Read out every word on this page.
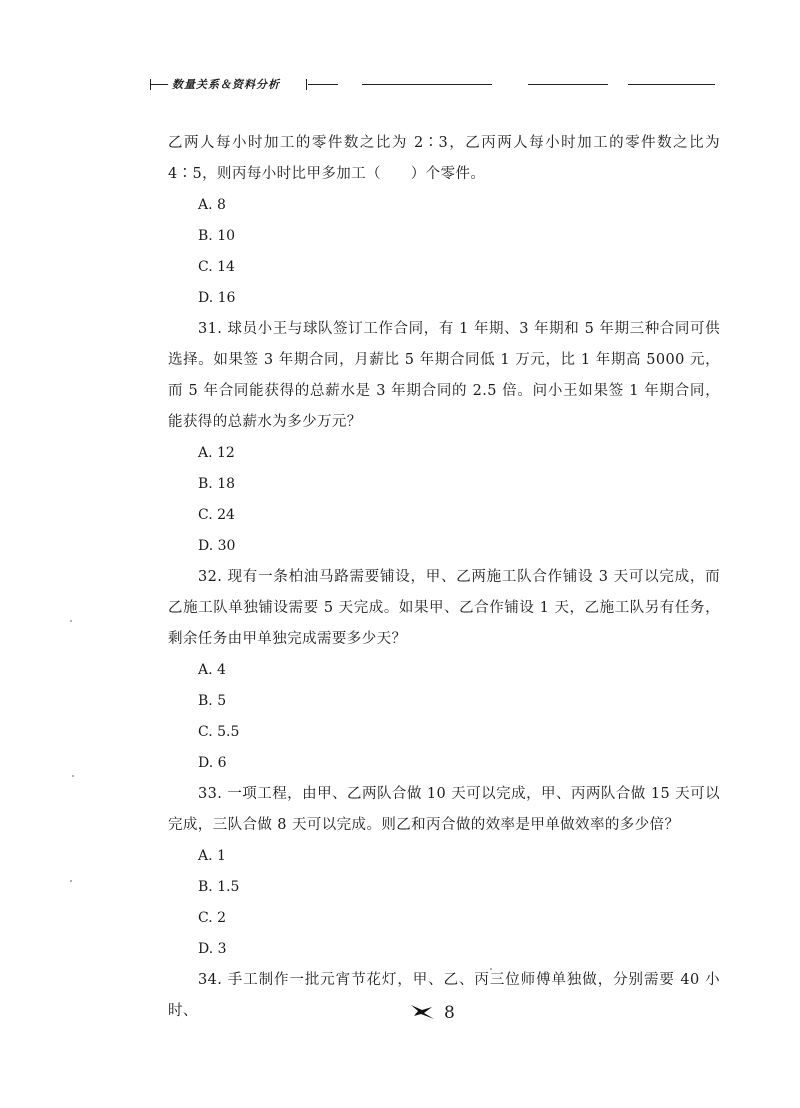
数量关系＆资料分析

乙两人每小时加工的零件数之比为 2∶3，乙丙两人每小时加工的零件数之比为 4∶5，则丙每小时比甲多加工（　　）个零件。

A. 8

B. 10

C. 14

D. 16

31. 球员小王与球队签订工作合同，有 1 年期、3 年期和 5 年期三种合同可供选择。如果签 3 年期合同，月薪比 5 年期合同低 1 万元，比 1 年期高 5000 元，而 5 年合同能获得的总薪水是 3 年期合同的 2.5 倍。问小王如果签 1 年期合同，能获得的总薪水为多少万元？

A. 12

B. 18

C. 24

D. 30

32. 现有一条柏油马路需要铺设，甲、乙两施工队合作铺设 3 天可以完成，而乙施工队单独铺设需要 5 天完成。如果甲、乙合作铺设 1 天，乙施工队另有任务，剩余任务由甲单独完成需要多少天？

A. 4

B. 5

C. 5.5

D. 6

33. 一项工程，由甲、乙两队合做 10 天可以完成，甲、丙两队合做 15 天可以完成，三队合做 8 天可以完成。则乙和丙合做的效率是甲单做效率的多少倍？

A. 1

B. 1.5

C. 2

D. 3

34. 手工制作一批元宵节花灯，甲、乙、丙三位师傅单独做，分别需要 40 小时、	8
